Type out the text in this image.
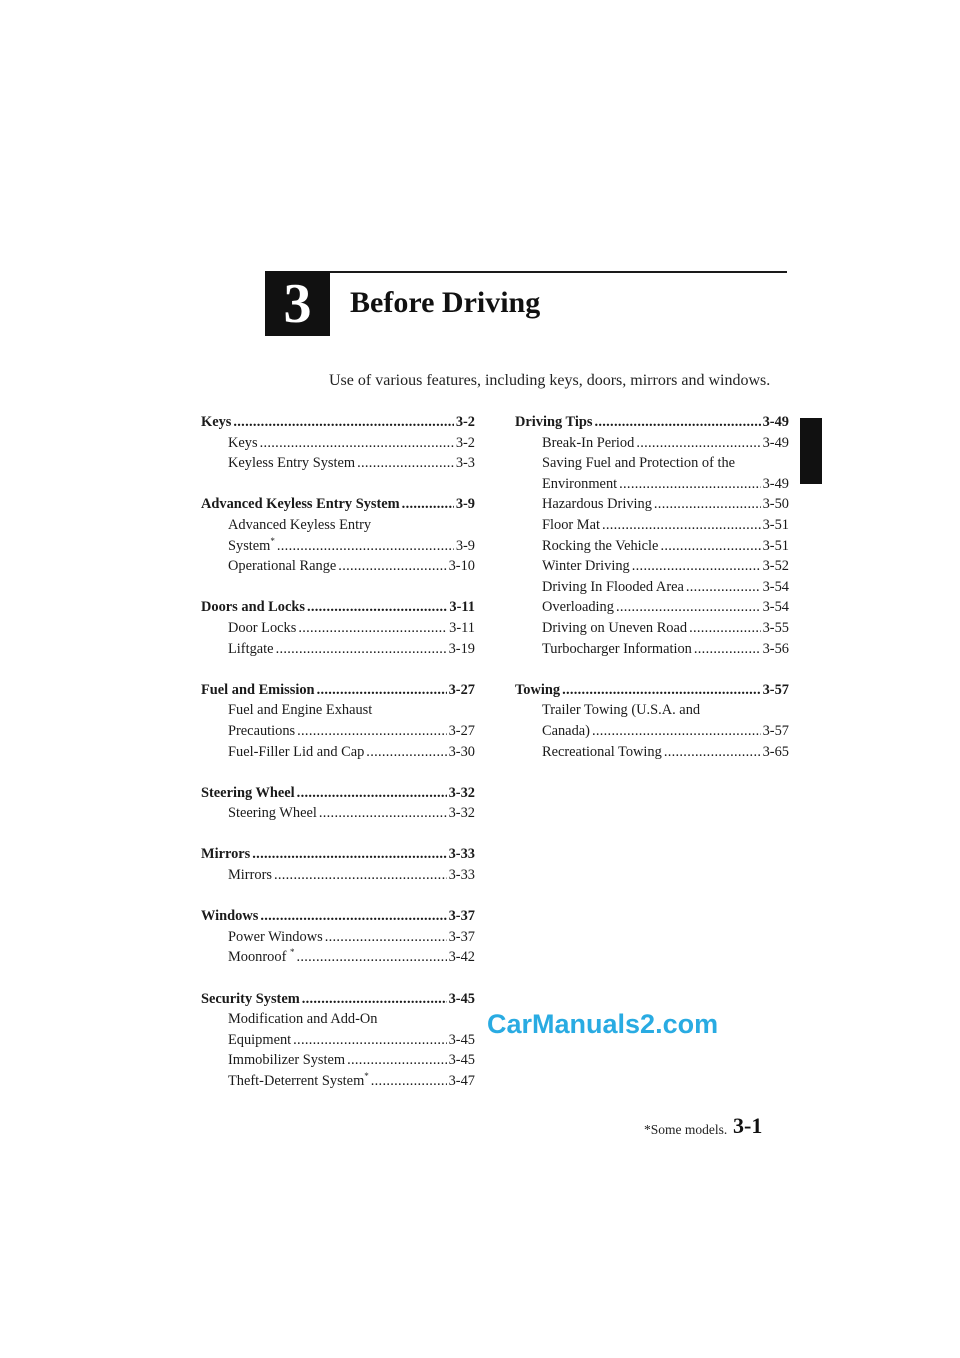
3	Before Driving
Use of various features, including keys, doors, mirrors and windows.
Keys .....	3-2
Keys .....	3-2
Keyless Entry System .....	3-3
Advanced Keyless Entry System .....	3-9
Advanced Keyless Entry
System* .....	3-9
Operational Range .....	3-10
Doors and Locks .....	3-11
Door Locks .....	3-11
Liftgate .....	3-19
Fuel and Emission .....	3-27
Fuel and Engine Exhaust
Precautions .....	3-27
Fuel-Filler Lid and Cap .....	3-30
Steering Wheel .....	3-32
Steering Wheel .....	3-32
Mirrors .....	3-33
Mirrors .....	3-33
Windows .....	3-37
Power Windows .....	3-37
Moonroof * .....	3-42
Security System .....	3-45
Modification and Add-On
Equipment .....	3-45
Immobilizer System .....	3-45
Theft-Deterrent System* .....	3-47
Driving Tips .....	3-49
Break-In Period .....	3-49
Saving Fuel and Protection of the
Environment .....	3-49
Hazardous Driving .....	3-50
Floor Mat .....	3-51
Rocking the Vehicle .....	3-51
Winter Driving .....	3-52
Driving In Flooded Area .....	3-54
Overloading .....	3-54
Driving on Uneven Road .....	3-55
Turbocharger Information .....	3-56
Towing .....	3-57
Trailer Towing (U.S.A. and
Canada) .....	3-57
Recreational Towing .....	3-65
CarManuals2.com
*Some models. 3-1
